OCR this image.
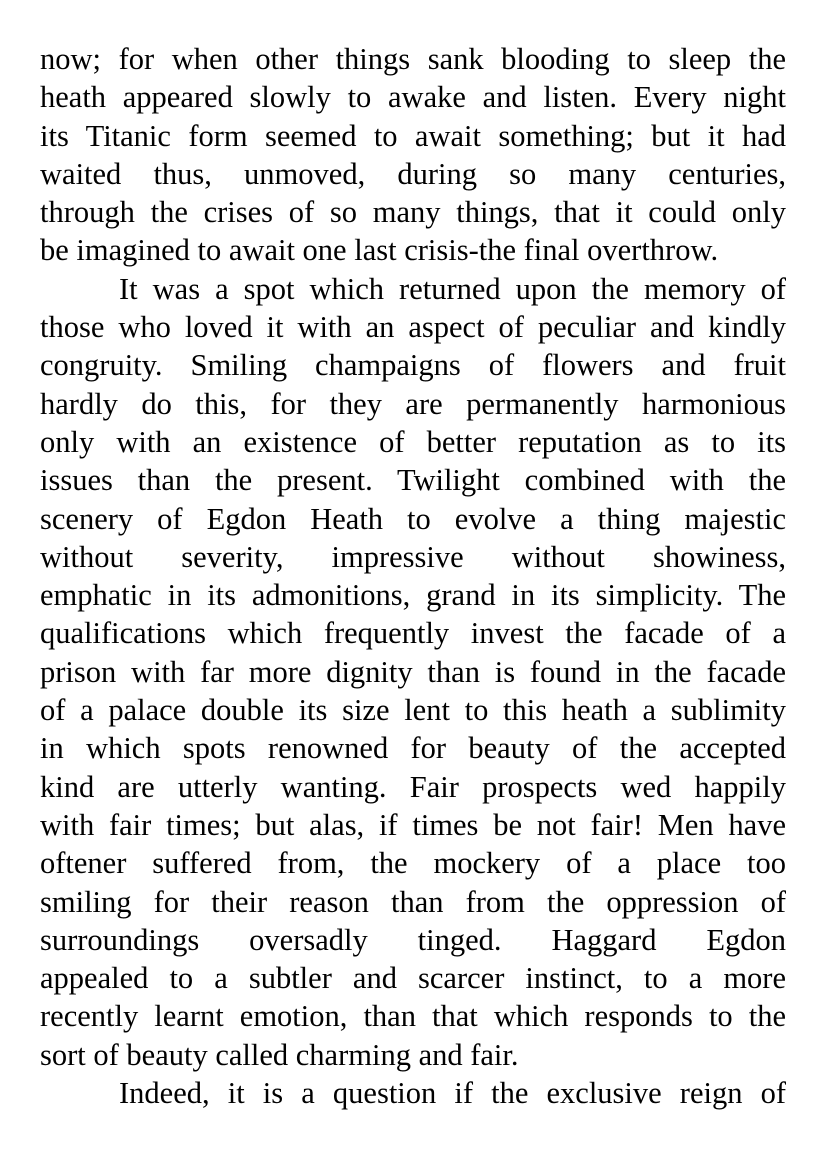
now; for when other things sank blooding to sleep the
heath appeared slowly to awake and listen. Every night
its Titanic form seemed to await something; but it had
waited thus, unmoved, during so many centuries,
through the crises of so many things, that it could only
be imagined to await one last crisis-the final overthrow.
It was a spot which returned upon the memory of
those who loved it with an aspect of peculiar and kindly
congruity. Smiling champaigns of flowers and fruit
hardly do this, for they are permanently harmonious
only with an existence of better reputation as to its
issues than the present. Twilight combined with the
scenery of Egdon Heath to evolve a thing majestic
without severity, impressive without showiness,
emphatic in its admonitions, grand in its simplicity. The
qualifications which frequently invest the facade of a
prison with far more dignity than is found in the facade
of a palace double its size lent to this heath a sublimity
in which spots renowned for beauty of the accepted
kind are utterly wanting. Fair prospects wed happily
with fair times; but alas, if times be not fair! Men have
oftener suffered from, the mockery of a place too
smiling for their reason than from the oppression of
surroundings oversadly tinged. Haggard Egdon
appealed to a subtler and scarcer instinct, to a more
recently learnt emotion, than that which responds to the
sort of beauty called charming and fair.
Indeed, it is a question if the exclusive reign of
